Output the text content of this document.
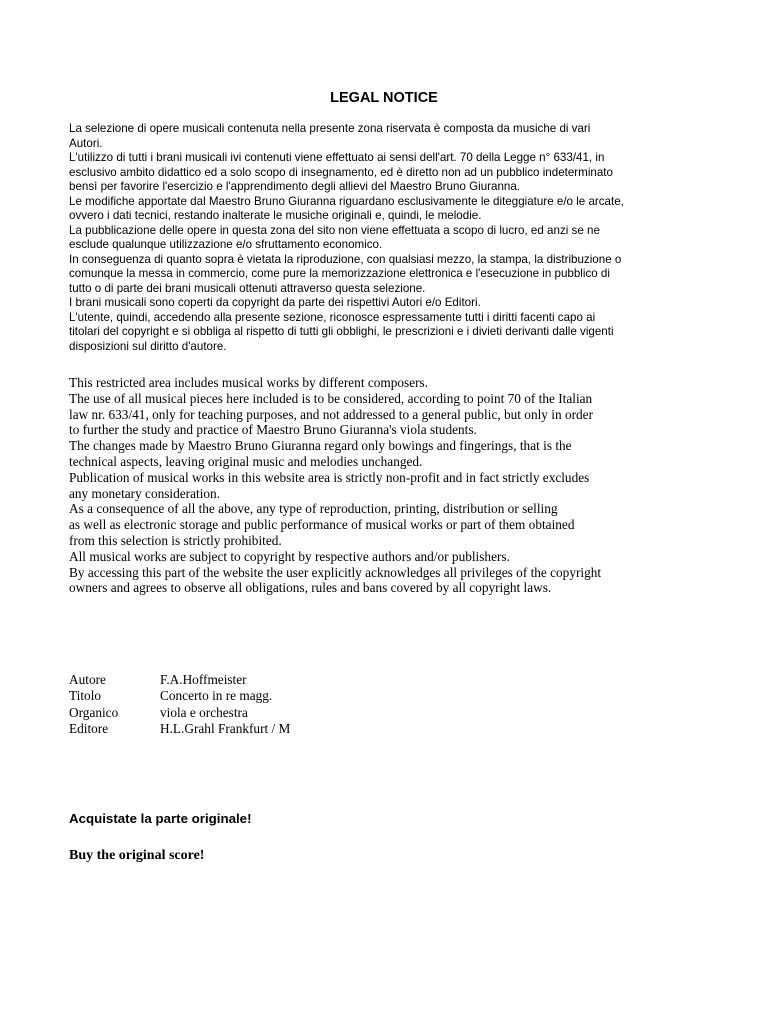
LEGAL NOTICE
La selezione di opere musicali contenuta nella presente zona riservata è composta da musiche di vari
Autori.
L'utilizzo di tutti i brani musicali ivi contenuti viene effettuato ai sensi dell'art. 70 della Legge n° 633/41, in
esclusivo ambito didattico ed a solo scopo di insegnamento, ed è diretto non ad un pubblico indeterminato
bensì per favorire l'esercizio e l'apprendimento degli allievi del Maestro Bruno Giuranna.
Le modifiche apportate dal Maestro Bruno Giuranna riguardano esclusivamente le diteggiature e/o le arcate,
ovvero i dati tecnici, restando inalterate le musiche originali e, quindi, le melodie.
La pubblicazione delle opere in questa zona del sito non viene effettuata a scopo di lucro, ed anzi se ne
esclude qualunque utilizzazione e/o sfruttamento economico.
In conseguenza di quanto sopra è vietata la riproduzione, con qualsiasi mezzo, la stampa, la distribuzione o
comunque la messa in commercio, come pure la memorizzazione elettronica e l'esecuzione in pubblico di
tutto o di parte dei brani musicali ottenuti attraverso questa selezione.
I brani musicali sono coperti da copyright da parte dei rispettivi Autori e/o Editori.
L'utente, quindi, accedendo alla presente sezione, riconosce espressamente tutti i diritti facenti capo ai
titolari del copyright e si obbliga al rispetto di tutti gli obblighi, le prescrizioni e i divieti derivanti dalle vigenti
disposizioni sul diritto d'autore.
This restricted area includes musical works by different composers.
The use of all musical pieces here included is to be considered, according to point 70 of the Italian
law nr. 633/41, only for teaching purposes, and not addressed to a general public, but only in order
to further the study and practice of Maestro Bruno Giuranna's viola students.
The changes made by Maestro Bruno Giuranna regard only bowings and fingerings, that is the
technical aspects, leaving original music and melodies unchanged.
Publication of musical works in this website area is strictly non-profit and in fact strictly excludes
any monetary consideration.
As a consequence of all the above, any type of reproduction, printing, distribution or selling
as well as electronic storage and public performance of musical works or part of them obtained
from this selection is strictly prohibited.
All musical works are subject to copyright by respective authors and/or publishers.
By accessing this part of the website the user explicitly acknowledges all privileges of the copyright
owners and agrees to observe all obligations, rules and bans covered by all copyright laws.
Autore	F.A.Hoffmeister
Titolo	Concerto in re magg.
Organico	viola e orchestra
Editore	H.L.Grahl Frankfurt / M
Acquistate la parte originale!
Buy the original score!
